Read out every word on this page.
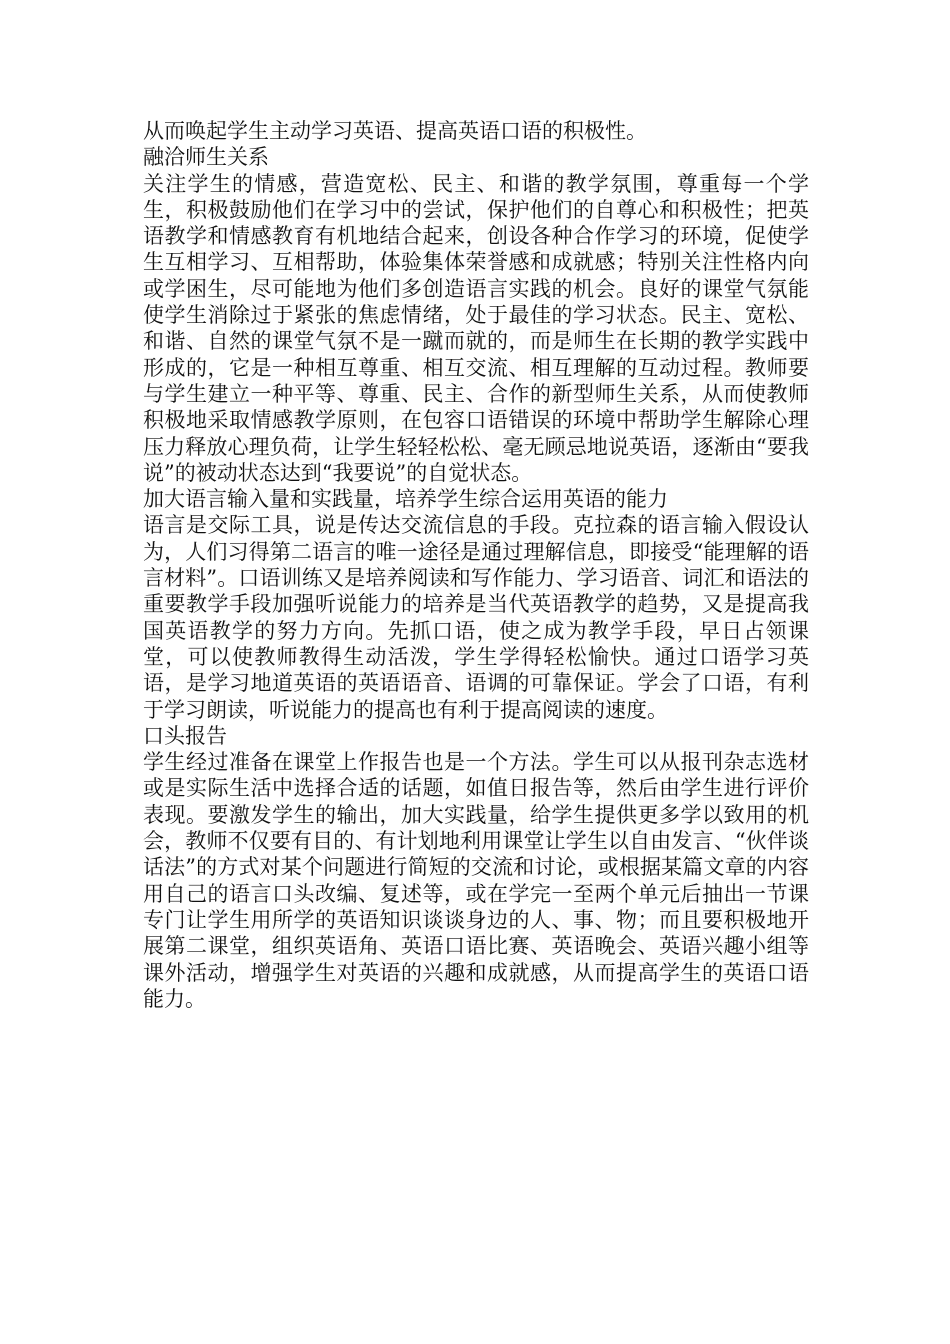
从而唤起学生主动学习英语、提高英语口语的积极性。

融洽师生关系

关注学生的情感，营造宽松、民主、和谐的教学氛围，尊重每一个学生，积极鼓励他们在学习中的尝试，保护他们的自尊心和积极性；把英语教学和情感教育有机地结合起来，创设各种合作学习的环境，促使学生互相学习、互相帮助，体验集体荣誉感和成就感；特别关注性格内向或学困生，尽可能地为他们多创造语言实践的机会。良好的课堂气氛能使学生消除过于紧张的焦虑情绪，处于最佳的学习状态。民主、宽松、和谐、自然的课堂气氛不是一蹴而就的，而是师生在长期的教学实践中形成的，它是一种相互尊重、相互交流、相互理解的互动过程。教师要与学生建立一种平等、尊重、民主、合作的新型师生关系，从而使教师积极地采取情感教学原则，在包容口语错误的环境中帮助学生解除心理压力释放心理负荷，让学生轻轻松松、毫无顾忌地说英语，逐渐由“要我说”的被动状态达到“我要说”的自觉状态。

加大语言输入量和实践量，培养学生综合运用英语的能力

语言是交际工具，说是传达交流信息的手段。克拉森的语言输入假设认为，人们习得第二语言的唯一途径是通过理解信息，即接受“能理解的语言材料”。口语训练又是培养阅读和写作能力、学习语音、词汇和语法的重要教学手段加强听说能力的培养是当代英语教学的趋势，又是提高我国英语教学的努力方向。先抓口语，使之成为教学手段，早日占领课堂，可以使教师教得生动活泼，学生学得轻松愉快。通过口语学习英语，是学习地道英语的英语语音、语调的可靠保证。学会了口语，有利于学习朗读，听说能力的提高也有利于提高阅读的速度。

口头报告

学生经过准备在课堂上作报告也是一个方法。学生可以从报刊杂志选材或是实际生活中选择合适的话题，如值日报告等，然后由学生进行评价表现。要激发学生的输出，加大实践量，给学生提供更多学以致用的机会，教师不仅要有目的、有计划地利用课堂让学生以自由发言、“伙伴谈话法”的方式对某个问题进行简短的交流和讨论，或根据某篇文章的内容用自己的语言口头改编、复述等，或在学完一至两个单元后抽出一节课专门让学生用所学的英语知识谈谈身边的人、事、物；而且要积极地开展第二课堂，组织英语角、英语口语比赛、英语晚会、英语兴趣小组等课外活动，增强学生对英语的兴趣和成就感，从而提高学生的英语口语能力。
